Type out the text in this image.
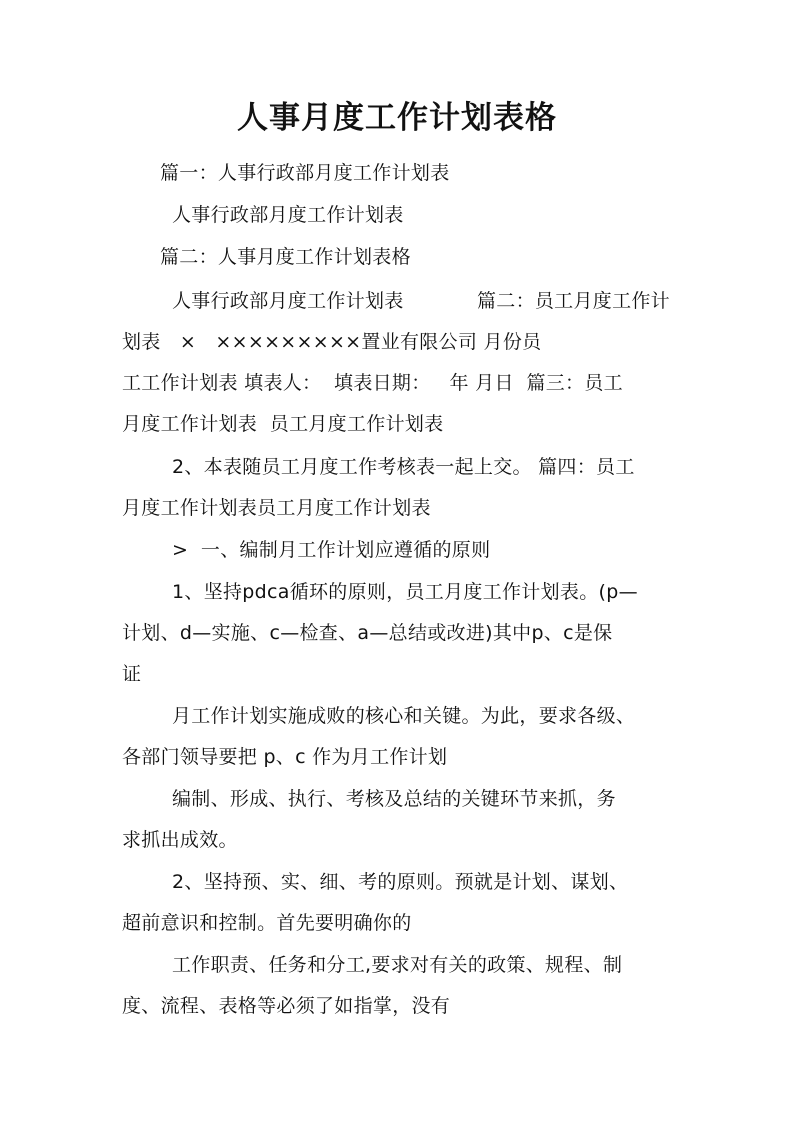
人事月度工作计划表格

篇一：人事行政部月度工作计划表

人事行政部月度工作计划表

篇二：人事月度工作计划表格

人事行政部月度工作计划表	篇二：员工月度工作计

划表　×　×××××××××置业有限公司 月份员

工工作计划表 填表人：  填表日期：   年 月日  篇三：员工

月度工作计划表  员工月度工作计划表

2、本表随员工月度工作考核表一起上交。 篇四：员工

月度工作计划表员工月度工作计划表

>  一、编制月工作计划应遵循的原则

1、坚持pdca循环的原则，员工月度工作计划表。(p—

计划、d—实施、c—检查、a—总结或改进)其中p、c是保

证

月工作计划实施成败的核心和关键。为此，要求各级、

各部门领导要把 p、c 作为月工作计划

编制、形成、执行、考核及总结的关键环节来抓，务

求抓出成效。

2、坚持预、实、细、考的原则。预就是计划、谋划、

超前意识和控制。首先要明确你的

工作职责、任务和分工,要求对有关的政策、规程、制

度、流程、表格等必须了如指掌，没有
